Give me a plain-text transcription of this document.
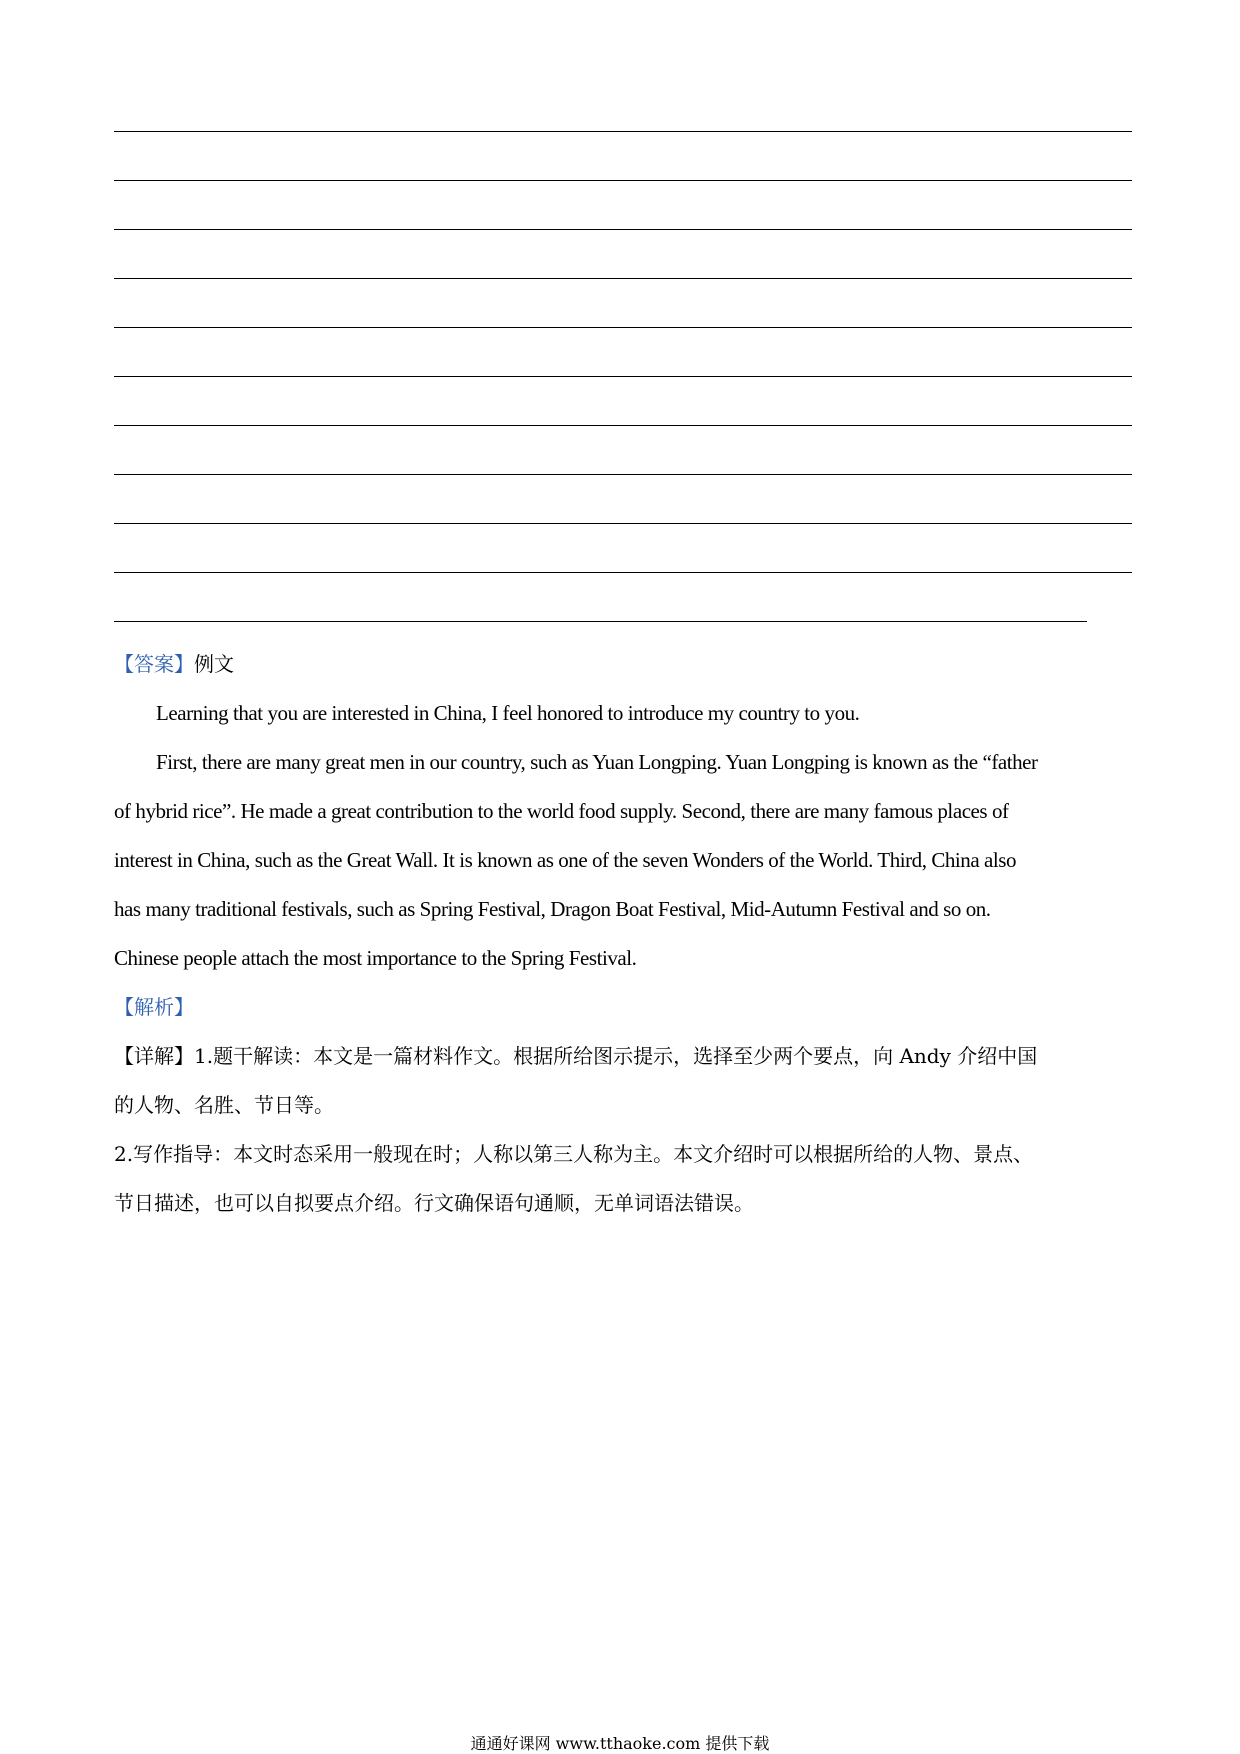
【答案】例文
Learning that you are interested in China, I feel honored to introduce my country to you.
First, there are many great men in our country, such as Yuan Longping. Yuan Longping is known as the “father
of hybrid rice”. He made a great contribution to the world food supply. Second, there are many famous places of
interest in China, such as the Great Wall. It is known as one of the seven Wonders of the World. Third, China also
has many traditional festivals, such as Spring Festival, Dragon Boat Festival, Mid-Autumn Festival and so on.
Chinese people attach the most importance to the Spring Festival.
【解析】
【详解】1.题干解读：本文是一篇材料作文。根据所给图示提示，选择至少两个要点，向 Andy 介绍中国
的人物、名胜、节日等。
2.写作指导：本文时态采用一般现在时；人称以第三人称为主。本文介绍时可以根据所给的人物、景点、
节日描述，也可以自拟要点介绍。行文确保语句通顺，无单词语法错误。
通通好课网 www.tthaoke.com 提供下载
